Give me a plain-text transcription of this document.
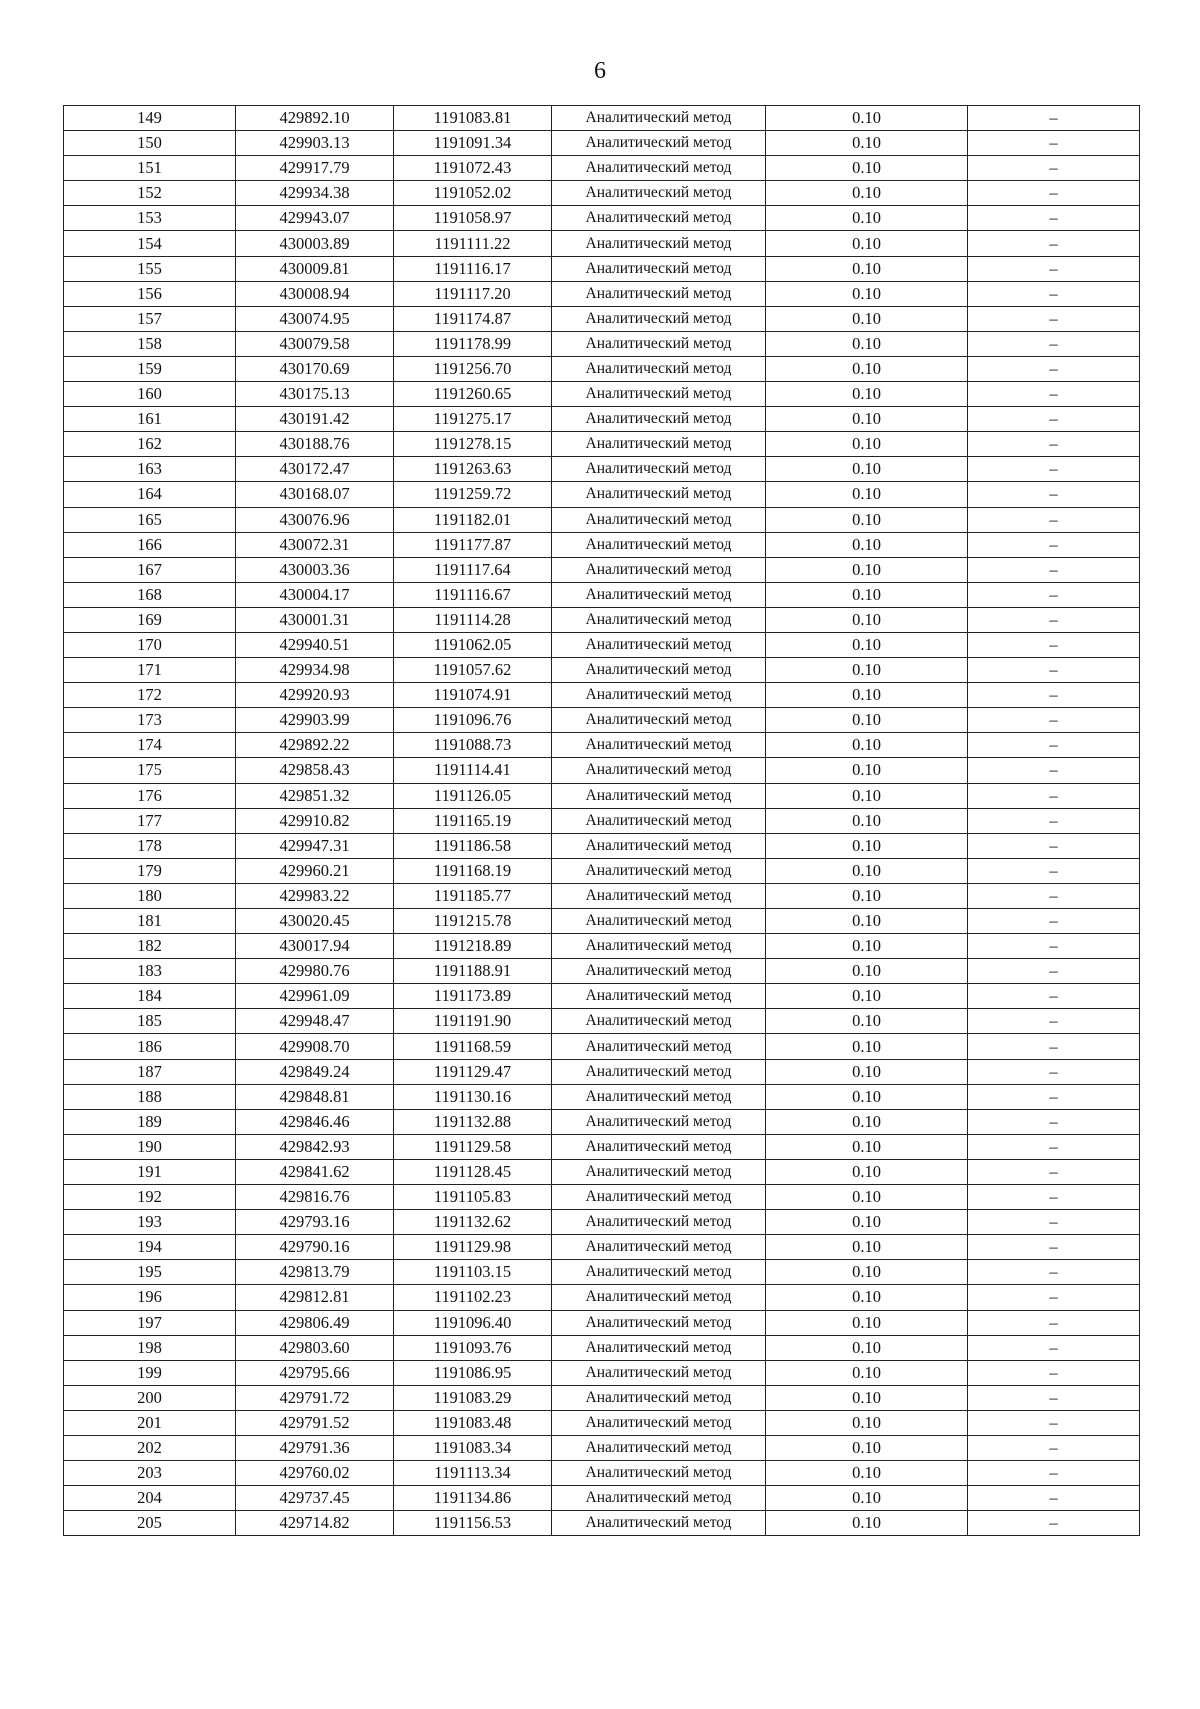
6
149	429892.10	1191083.81	Аналитический метод	0.10	–
150	429903.13	1191091.34	Аналитический метод	0.10	–
151	429917.79	1191072.43	Аналитический метод	0.10	–
152	429934.38	1191052.02	Аналитический метод	0.10	–
153	429943.07	1191058.97	Аналитический метод	0.10	–
154	430003.89	1191111.22	Аналитический метод	0.10	–
155	430009.81	1191116.17	Аналитический метод	0.10	–
156	430008.94	1191117.20	Аналитический метод	0.10	–
157	430074.95	1191174.87	Аналитический метод	0.10	–
158	430079.58	1191178.99	Аналитический метод	0.10	–
159	430170.69	1191256.70	Аналитический метод	0.10	–
160	430175.13	1191260.65	Аналитический метод	0.10	–
161	430191.42	1191275.17	Аналитический метод	0.10	–
162	430188.76	1191278.15	Аналитический метод	0.10	–
163	430172.47	1191263.63	Аналитический метод	0.10	–
164	430168.07	1191259.72	Аналитический метод	0.10	–
165	430076.96	1191182.01	Аналитический метод	0.10	–
166	430072.31	1191177.87	Аналитический метод	0.10	–
167	430003.36	1191117.64	Аналитический метод	0.10	–
168	430004.17	1191116.67	Аналитический метод	0.10	–
169	430001.31	1191114.28	Аналитический метод	0.10	–
170	429940.51	1191062.05	Аналитический метод	0.10	–
171	429934.98	1191057.62	Аналитический метод	0.10	–
172	429920.93	1191074.91	Аналитический метод	0.10	–
173	429903.99	1191096.76	Аналитический метод	0.10	–
174	429892.22	1191088.73	Аналитический метод	0.10	–
175	429858.43	1191114.41	Аналитический метод	0.10	–
176	429851.32	1191126.05	Аналитический метод	0.10	–
177	429910.82	1191165.19	Аналитический метод	0.10	–
178	429947.31	1191186.58	Аналитический метод	0.10	–
179	429960.21	1191168.19	Аналитический метод	0.10	–
180	429983.22	1191185.77	Аналитический метод	0.10	–
181	430020.45	1191215.78	Аналитический метод	0.10	–
182	430017.94	1191218.89	Аналитический метод	0.10	–
183	429980.76	1191188.91	Аналитический метод	0.10	–
184	429961.09	1191173.89	Аналитический метод	0.10	–
185	429948.47	1191191.90	Аналитический метод	0.10	–
186	429908.70	1191168.59	Аналитический метод	0.10	–
187	429849.24	1191129.47	Аналитический метод	0.10	–
188	429848.81	1191130.16	Аналитический метод	0.10	–
189	429846.46	1191132.88	Аналитический метод	0.10	–
190	429842.93	1191129.58	Аналитический метод	0.10	–
191	429841.62	1191128.45	Аналитический метод	0.10	–
192	429816.76	1191105.83	Аналитический метод	0.10	–
193	429793.16	1191132.62	Аналитический метод	0.10	–
194	429790.16	1191129.98	Аналитический метод	0.10	–
195	429813.79	1191103.15	Аналитический метод	0.10	–
196	429812.81	1191102.23	Аналитический метод	0.10	–
197	429806.49	1191096.40	Аналитический метод	0.10	–
198	429803.60	1191093.76	Аналитический метод	0.10	–
199	429795.66	1191086.95	Аналитический метод	0.10	–
200	429791.72	1191083.29	Аналитический метод	0.10	–
201	429791.52	1191083.48	Аналитический метод	0.10	–
202	429791.36	1191083.34	Аналитический метод	0.10	–
203	429760.02	1191113.34	Аналитический метод	0.10	–
204	429737.45	1191134.86	Аналитический метод	0.10	–
205	429714.82	1191156.53	Аналитический метод	0.10	–
